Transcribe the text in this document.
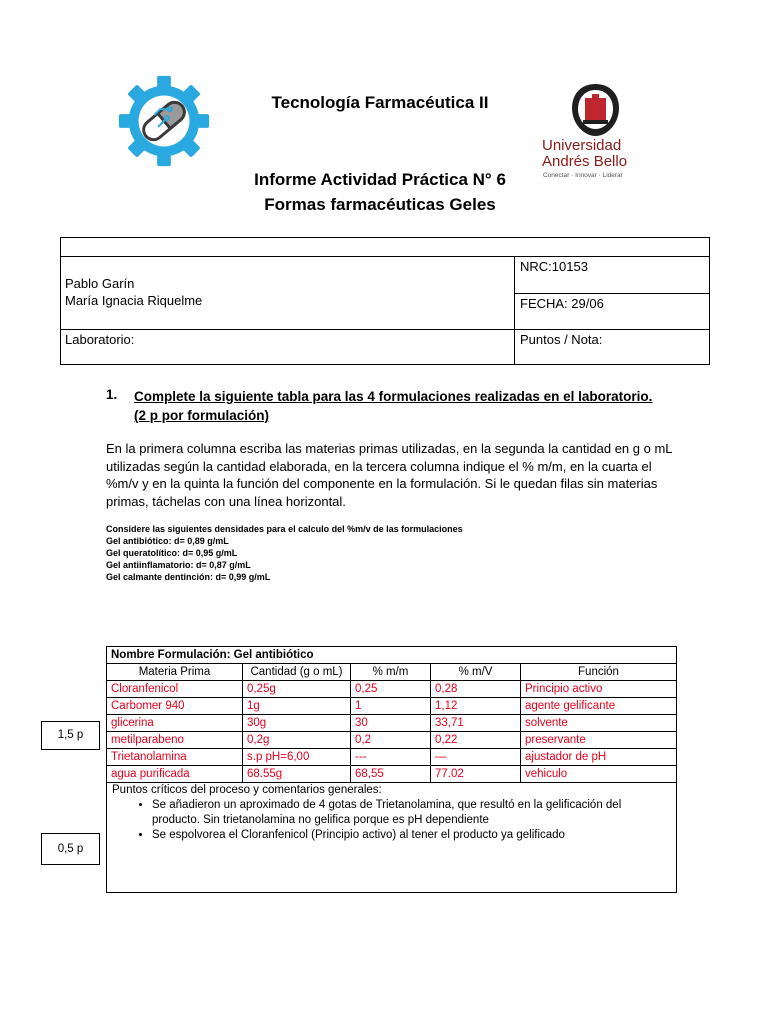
Tecnología Farmacéutica II
Informe Actividad Práctica N° 6
Formas farmacéuticas Geles
Universidad
Andrés Bello
Conectar · Innovar · Liderar
Pablo Garín
María Ignacia Riquelme
NRC:10153
FECHA: 29/06
Laboratorio:	Puntos / Nota:
1. Complete la siguiente tabla para las 4 formulaciones realizadas en el laboratorio.
(2 p por formulación)
En la primera columna escriba las materias primas utilizadas, en la segunda la cantidad en g o mL utilizadas según la cantidad elaborada, en la tercera columna indique el % m/m, en la cuarta el %m/v y en la quinta la función del componente en la formulación. Si le quedan filas sin materias primas, táchelas con una línea horizontal.
Considere las siguientes densidades para el calculo del %m/v de las formulaciones
Gel antibiótico: d= 0,89 g/mL
Gel queratolítico: d= 0,95 g/mL
Gel antiinflamatorio: d= 0,87 g/mL
Gel calmante dentinción: d= 0,99 g/mL
Nombre Formulación: Gel antibiótico				
Materia Prima	Cantidad (g o mL)	% m/m	% m/V	Función
Cloranfenicol	0,25g	0,25	0,28	Principio activo
Carbomer 940	1g	1	1,12	agente gelificante
glicerina	30g	30	33,71	solvente
metilparabeno	0,2g	0,2	0,22	preservante
Trietanolamina	s.p pH=6,00	---	—	ajustador de pH
agua purificada	68.55g	68,55	77.02	vehiculo
Puntos críticos del proceso y comentarios generales:
• Se añadieron un aproximado de 4 gotas de Trietanolamina, que resultó en la gelificación del producto. Sin trietanolamina no gelifica porque es pH dependiente
• Se espolvorea el Cloranfenicol (Principio activo) al tener el producto ya gelificado
1,5 p
0,5 p
